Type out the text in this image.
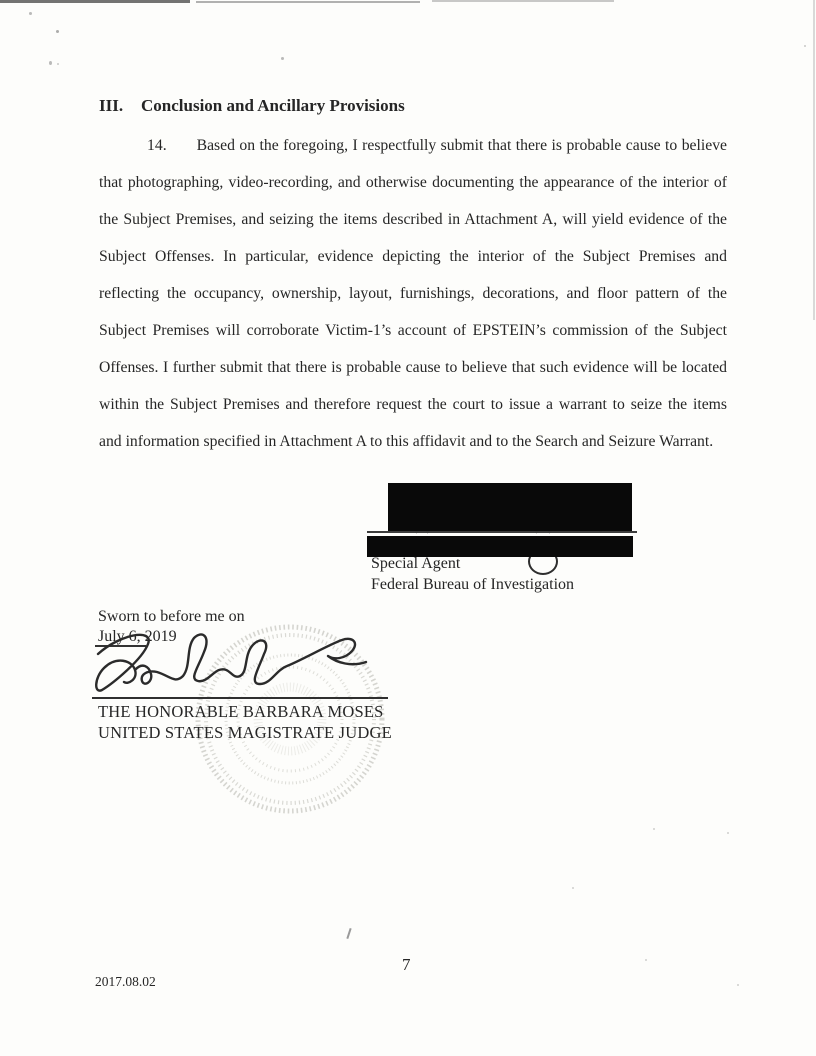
III.	Conclusion and Ancillary Provisions
14. Based on the foregoing, I respectfully submit that there is probable cause to believe
that photographing, video-recording, and otherwise documenting the appearance of the interior of
the Subject Premises, and seizing the items described in Attachment A, will yield evidence of the
Subject Offenses. In particular, evidence depicting the interior of the Subject Premises and
reflecting the occupancy, ownership, layout, furnishings, decorations, and floor pattern of the
Subject Premises will corroborate Victim-1’s account of EPSTEIN’s commission of the Subject
Offenses. I further submit that there is probable cause to believe that such evidence will be located
within the Subject Premises and therefore request the court to issue a warrant to seize the items
and information specified in Attachment A to this affidavit and to the Search and Seizure Warrant.
Special Agent
Federal Bureau of Investigation
Sworn to before me on
July 6, 2019
THE HONORABLE BARBARA MOSES
UNITED STATES MAGISTRATE JUDGE
7
2017.08.02
